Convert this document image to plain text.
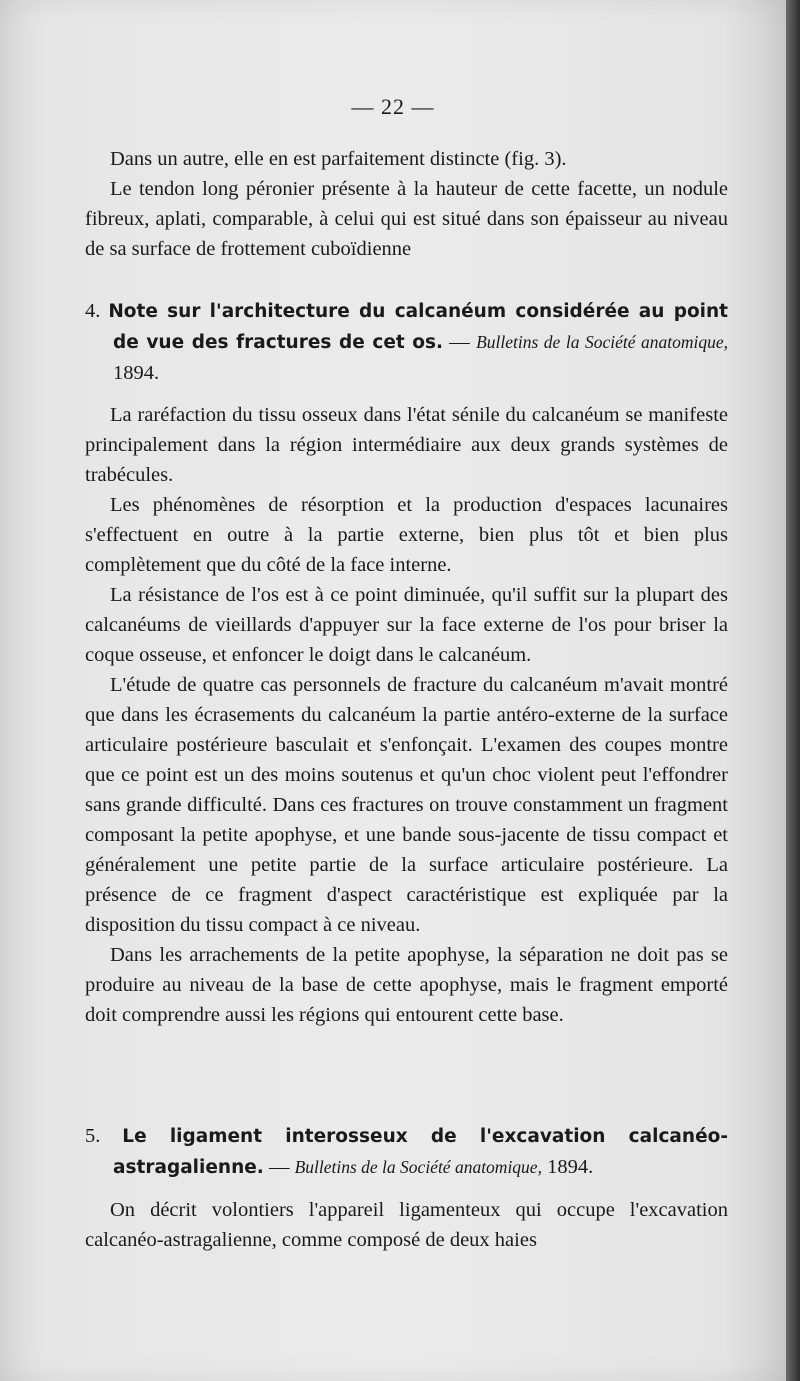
— 22 —

Dans un autre, elle en est parfaitement distincte (fig. 3).

Le tendon long péronier présente à la hauteur de cette facette, un nodule fibreux, aplati, comparable, à celui qui est situé dans son épaisseur au niveau de sa surface de frottement cuboïdienne

4. Note sur l'architecture du calcanéum considérée au point de vue des fractures de cet os. — Bulletins de la Société anatomique, 1894.

La raréfaction du tissu osseux dans l'état sénile du calcanéum se manifeste principalement dans la région intermédiaire aux deux grands systèmes de trabécules.

Les phénomènes de résorption et la production d'espaces lacunaires s'effectuent en outre à la partie externe, bien plus tôt et bien plus complètement que du côté de la face interne.

La résistance de l'os est à ce point diminuée, qu'il suffit sur la plupart des calcanéums de vieillards d'appuyer sur la face externe de l'os pour briser la coque osseuse, et enfoncer le doigt dans le calcanéum.

L'étude de quatre cas personnels de fracture du calcanéum m'avait montré que dans les écrasements du calcanéum la partie antéro-externe de la surface articulaire postérieure basculait et s'enfonçait. L'examen des coupes montre que ce point est un des moins soutenus et qu'un choc violent peut l'effondrer sans grande difficulté. Dans ces fractures on trouve constamment un fragment composant la petite apophyse, et une bande sous-jacente de tissu compact et généralement une petite partie de la surface articulaire postérieure. La présence de ce fragment d'aspect caractéristique est expliquée par la disposition du tissu compact à ce niveau.

Dans les arrachements de la petite apophyse, la séparation ne doit pas se produire au niveau de la base de cette apophyse, mais le fragment emporté doit comprendre aussi les régions qui entourent cette base.

5. Le ligament interosseux de l'excavation calcanéo-astragalienne. — Bulletins de la Société anatomique, 1894.

On décrit volontiers l'appareil ligamenteux qui occupe l'excavation calcanéo-astragalienne, comme composé de deux haies
